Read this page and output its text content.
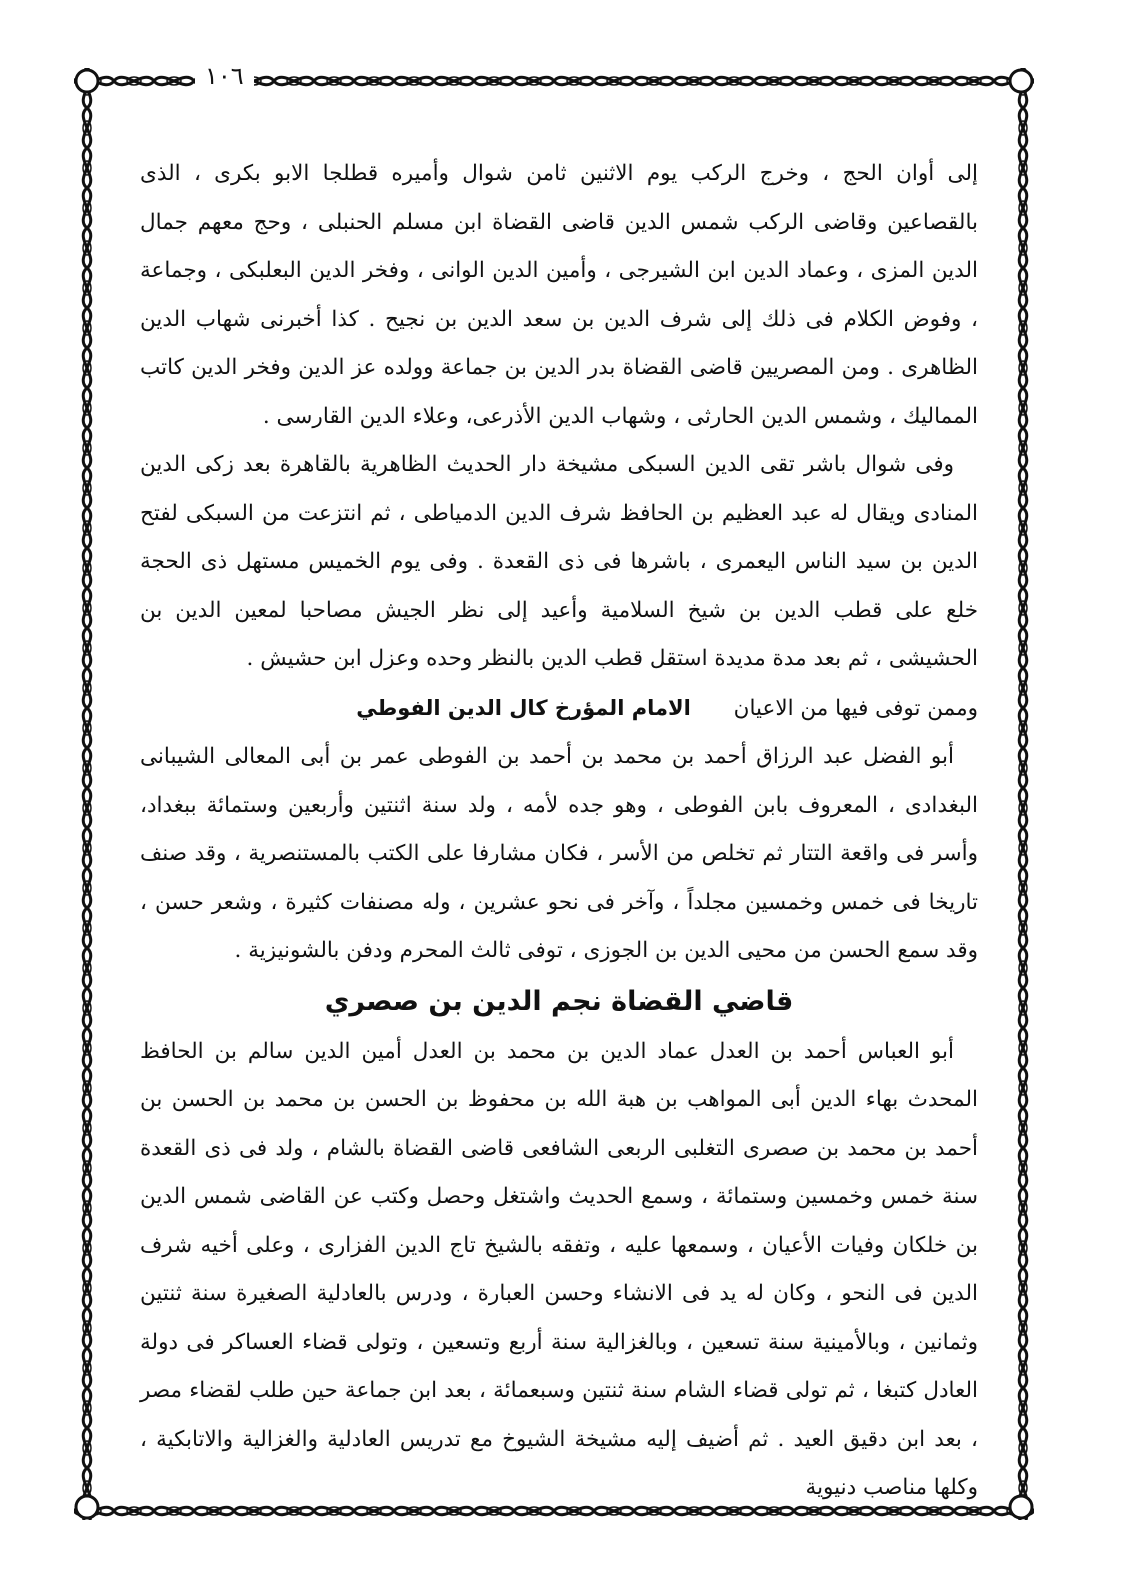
١٠٦

إلى أوان الحج ، وخرج الركب يوم الاثنين ثامن شوال وأميره قطلجا الابو بكرى ، الذى بالقصاعين وقاضى الركب شمس الدين قاضى القضاة ابن مسلم الحنبلى ، وحج معهم جمال الدين المزى ، وعماد الدين ابن الشيرجى ، وأمين الدين الوانى ، وفخر الدين البعلبكى ، وجماعة ، وفوض الكلام فى ذلك إلى شرف الدين بن سعد الدين بن نجيح . كذا أخبرنى شهاب الدين الظاهرى . ومن المصريين قاضى القضاة بدر الدين بن جماعة وولده عز الدين وفخر الدين كاتب المماليك ، وشمس الدين الحارثى ، وشهاب الدين الأذرعى، وعلاء الدين القارسى .

وفى شوال باشر تقى الدين السبكى مشيخة دار الحديث الظاهرية بالقاهرة بعد زكى الدين المنادى ويقال له عبد العظيم بن الحافظ شرف الدين الدمياطى ، ثم انتزعت من السبكى لفتح الدين بن سيد الناس اليعمرى ، باشرها فى ذى القعدة . وفى يوم الخميس مستهل ذى الحجة خلع على قطب الدين بن شيخ السلامية وأعيد إلى نظر الجيش مصاحبا لمعين الدين بن الحشيشى ، ثم بعد مدة مديدة استقل قطب الدين بالنظر وحده وعزل ابن حشيش .

وممن توفى فيها من الاعيان الامام المؤرخ كال الدين الفوطي

أبو الفضل عبد الرزاق أحمد بن محمد بن أحمد بن الفوطى عمر بن أبى المعالى الشيبانى البغدادى ، المعروف بابن الفوطى ، وهو جده لأمه ، ولد سنة اثنتين وأربعين وستمائة ببغداد، وأسر فى واقعة التتار ثم تخلص من الأسر ، فكان مشارفا على الكتب بالمستنصرية ، وقد صنف تاريخا فى خمس وخمسين مجلداً ، وآخر فى نحو عشرين ، وله مصنفات كثيرة ، وشعر حسن ، وقد سمع الحسن من محيى الدين بن الجوزى ، توفى ثالث المحرم ودفن بالشونيزية .

قاضي القضاة نجم الدين بن صصري

أبو العباس أحمد بن العدل عماد الدين بن محمد بن العدل أمين الدين سالم بن الحافظ المحدث بهاء الدين أبى المواهب بن هبة الله بن محفوظ بن الحسن بن محمد بن الحسن بن أحمد بن محمد بن صصرى التغلبى الربعى الشافعى قاضى القضاة بالشام ، ولد فى ذى القعدة سنة خمس وخمسين وستمائة ، وسمع الحديث واشتغل وحصل وكتب عن القاضى شمس الدين بن خلكان وفيات الأعيان ، وسمعها عليه ، وتفقه بالشيخ تاج الدين الفزارى ، وعلى أخيه شرف الدين فى النحو ، وكان له يد فى الانشاء وحسن العبارة ، ودرس بالعادلية الصغيرة سنة ثنتين وثمانين ، وبالأمينية سنة تسعين ، وبالغزالية سنة أربع وتسعين ، وتولى قضاء العساكر فى دولة العادل كتبغا ، ثم تولى قضاء الشام سنة ثنتين وسبعمائة ، بعد ابن جماعة حين طلب لقضاء مصر ، بعد ابن دقيق العيد . ثم أضيف إليه مشيخة الشيوخ مع تدريس العادلية والغزالية والاتابكية ، وكلها مناصب دنيوية
